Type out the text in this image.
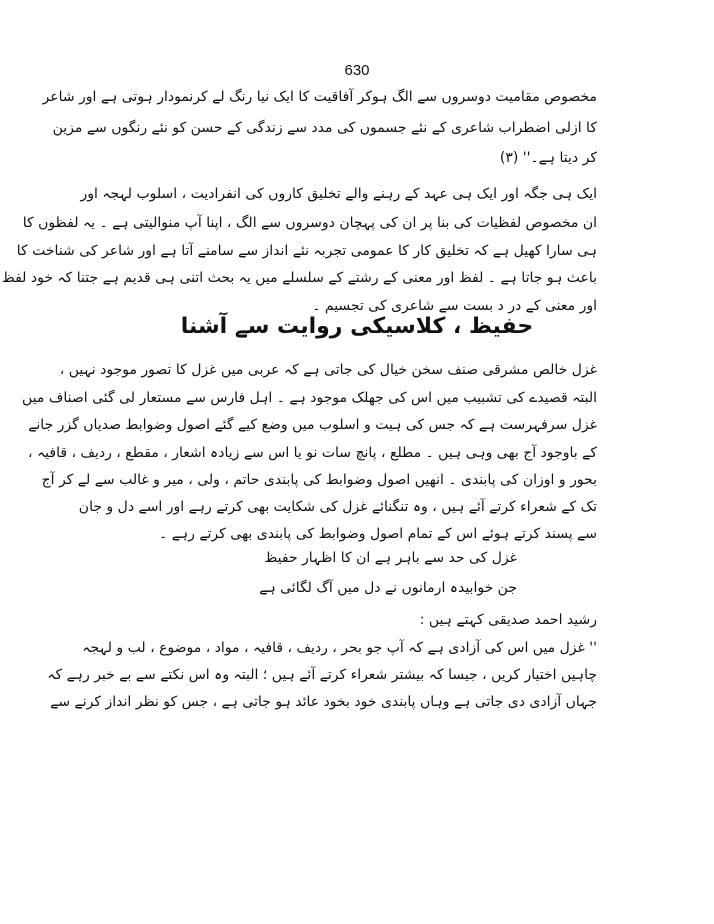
630
مخصوص مقامیت دوسروں سے الگ ہوکر آفاقیت کا ایک نیا رنگ لے کرنمودار ہوتی ہے اور شاعر
کا ازلی اضطراب شاعری کے نئے جسموں کی مدد سے زندگی کے حسن کو نئے رنگوں سے مزین
کر دیتا ہے۔'' (۳)
ایک ہی جگہ اور ایک ہی عہد کے رہنے والے تخلیق کاروں کی انفرادیت ، اسلوب لہجہ اور
ان مخصوص لفظیات کی بنا پر ان کی پہچان دوسروں سے الگ ، اپنا آپ منوالیتی ہے ۔ یہ لفظوں کا
ہی سارا کھیل ہے کہ تخلیق کار کا عمومی تجربہ نئے انداز سے سامنے آتا ہے اور شاعر کی شناخت کا
باعث ہو جاتا ہے ۔ لفظ اور معنی کے رشتے کے سلسلے میں یہ بحث اتنی ہی قدیم ہے جتنا کہ خود لفظ
اور معنی کے در د بست سے شاعری کی تجسیم ۔
حفیظ ، کلاسیکی روایت سے آشنا
غزل خالص مشرقی صنف سخن خیال کی جاتی ہے کہ عربی میں غزل کا تصور موجود نہیں ،
البتہ قصیدے کی تشبیب میں اس کی جھلک موجود ہے ۔ اہل فارس سے مستعار لی گئی اصناف میں
غزل سرفہرست ہے کہ جس کی ہیت و اسلوب میں وضع کیے گئے اصول وضوابط صدیاں گزر جانے
کے باوجود آج بھی وہی ہیں ۔ مطلع ، پانچ سات نو یا اس سے زیادہ اشعار ، مقطع ، ردیف ، قافیہ ،
بحور و اوزان کی پابندی ۔ انھیں اصول وضوابط کی پابندی حاتم ، ولی ، میر و غالب سے لے کر آج
تک کے شعراء کرتے آئے ہیں ، وہ تنگنائے غزل کی شکایت بھی کرتے رہے اور اسے دل و جان
سے پسند کرتے ہوئے اس کے تمام اصول وضوابط کی پابندی بھی کرتے رہے ۔
غزل کی حد سے باہر ہے ان کا اظہار حفیظ
جن خوابیدہ ارمانوں نے دل میں آگ لگائی ہے
رشید احمد صدیقی کہتے ہیں :
'' غزل میں اس کی آزادی ہے کہ آپ جو بحر ، ردیف ، قافیہ ، مواد ، موضوع ، لب و لہجہ
چاہیں اختیار کریں ، جیسا کہ بیشتر شعراء کرتے آئے ہیں ؛ البتہ وہ اس نکتے سے بے خبر رہے کہ
جہاں آزادی دی جاتی ہے وہاں پابندی خود بخود عائد ہو جاتی ہے ، جس کو نظر انداز کرنے سے
